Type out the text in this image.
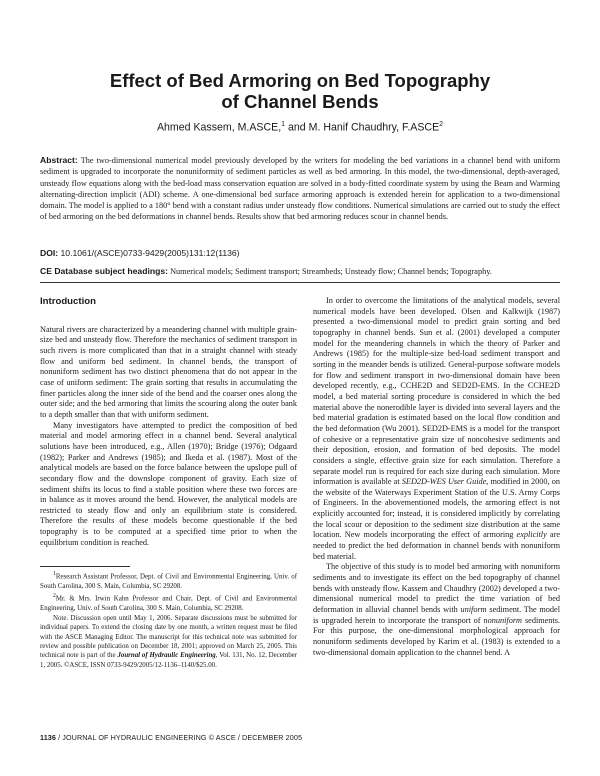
Effect of Bed Armoring on Bed Topography
of Channel Bends
Ahmed Kassem, M.ASCE,$^1$ and M. Hanif Chaudhry, F.ASCE$^2$
Abstract: The two-dimensional numerical model previously developed by the writers for modeling the bed variations in a channel bend with uniform sediment is upgraded to incorporate the nonuniformity of sediment particles as well as bed armoring. In this model, the two-dimensional, depth-averaged, unsteady flow equations along with the bed-load mass conservation equation are solved in a body-fitted coordinate system by using the Beam and Warming alternating-direction implicit (ADI) scheme. A one-dimensional bed surface armoring approach is extended herein for application to a two-dimensional domain. The model is applied to a 180° bend with a constant radius under unsteady flow conditions. Numerical simulations are carried out to study the effect of bed armoring on the bed deformations in channel bends. Results show that bed armoring reduces scour in channel bends.
DOI: 10.1061/(ASCE)0733-9429(2005)131:12(1136)
CE Database subject headings: Numerical models; Sediment transport; Streambeds; Unsteady flow; Channel bends; Topography.
Introduction

Natural rivers are characterized by a meandering channel with multiple grain-size bed and unsteady flow. Therefore the mechanics of sediment transport in such rivers is more complicated than that in a straight channel with steady flow and uniform bed sediment. In channel bends, the transport of nonuniform sediment has two distinct phenomena that do not appear in the case of uniform sediment: The grain sorting that results in accumulating the finer particles along the inner side of the bend and the coarser ones along the outer side; and the bed armoring that limits the scouring along the outer bank to a depth smaller than that with uniform sediment.

Many investigators have attempted to predict the composition of bed material and model armoring effect in a channel bend. Several analytical solutions have been introduced, e.g., Allen (1970); Bridge (1976); Odgaard (1982); Parker and Andrews (1985); and Ikeda et al. (1987). Most of the analytical models are based on the force balance between the upslope pull of secondary flow and the downslope component of gravity. Each size of sediment shifts its locus to find a stable position where these two forces are in balance as it moves around the bend. However, the analytical models are restricted to steady flow and only an equilibrium state is considered. Therefore the results of these models become questionable if the bed topography is to be computed at a specified time prior to when the equilibrium condition is reached.

$^1$Research Assistant Professor, Dept. of Civil and Environmental Engineering, Univ. of South Carolina, 300 S. Main, Columbia, SC 29208.

$^2$Mr. & Mrs. Irwin Kahn Professor and Chair, Dept. of Civil and Environmental Engineering, Univ. of South Carolina, 300 S. Main, Columbia, SC 29208.

Note. Discussion open until May 1, 2006. Separate discussions must be submitted for individual papers. To extend the closing date by one month, a written request must be filed with the ASCE Managing Editor. The manuscript for this technical note was submitted for review and possible publication on December 18, 2001; approved on March 25, 2005. This technical note is part of the Journal of Hydraulic Engineering, Vol. 131, No. 12, December 1, 2005. ©ASCE, ISSN 0733-9429/2005/12-1136–1140/$25.00.

In order to overcome the limitations of the analytical models, several numerical models have been developed. Olsen and Kalkwijk (1987) presented a two-dimensional model to predict grain sorting and bed topography in channel bends. Sun et al. (2001) developed a computer model for the meandering channels in which the theory of Parker and Andrews (1985) for the multiple-size bed-load sediment transport and sorting in the meander bends is utilized. General-purpose software models for flow and sediment transport in two-dimensional domain have been developed recently, e.g., CCHE2D and SED2D-EMS. In the CCHE2D model, a bed material sorting procedure is considered in which the bed material above the nonerodible layer is divided into several layers and the bed material gradation is estimated based on the local flow condition and the bed deformation (Wu 2001). SED2D-EMS is a model for the transport of cohesive or a representative grain size of noncohesive sediments and their deposition, erosion, and formation of bed deposits. The model considers a single, effective grain size for each simulation. Therefore a separate model run is required for each size during each simulation. More information is available at SED2D-WES User Guide, modified in 2000, on the website of the Waterways Experiment Station of the U.S. Army Corps of Engineers. In the abovementioned models, the armoring effect is not explicitly accounted for; instead, it is considered implicitly by correlating the local scour or deposition to the sediment size distribution at the same location. New models incorporating the effect of armoring explicitly are needed to predict the bed deformation in channel bends with nonuniform bed material.

The objective of this study is to model bed armoring with nonuniform sediments and to investigate its effect on the bed topography of channel bends with unsteady flow. Kassem and Chaudhry (2002) developed a two-dimensional numerical model to predict the time variation of bed deformation in alluvial channel bends with uniform sediment. The model is upgraded herein to incorporate the transport of nonuniform sediments. For this purpose, the one-dimensional morphological approach for nonuniform sediments developed by Karim et al. (1983) is extended to a two-dimensional domain application to the channel bend. A

1136 / JOURNAL OF HYDRAULIC ENGINEERING © ASCE / DECEMBER 2005
